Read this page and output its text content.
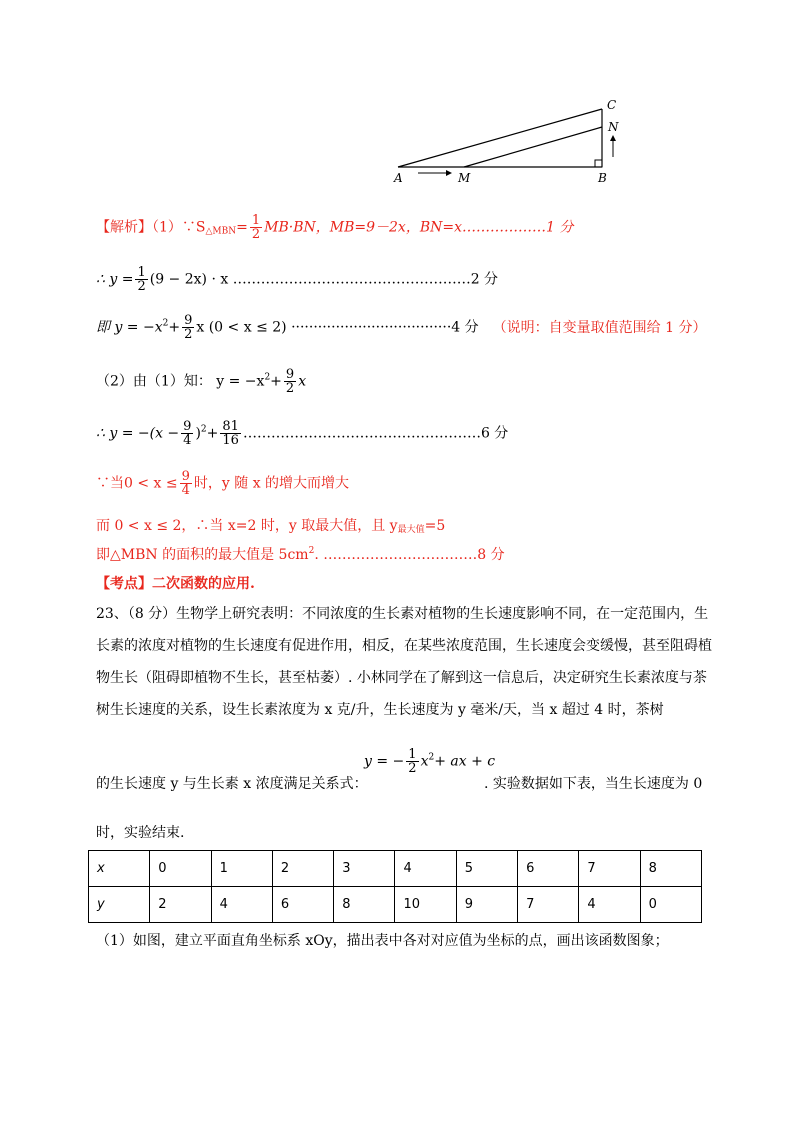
A	M	B
C
N
【解析】$(1)\because S_{\triangle MBN}= \frac{1}{2} MB\cdot BN$，MB=9－2x，BN=x………………1 分
∴ $y = \frac{1}{2} (9 - 2x) \cdot x$ ……………………………………………2 分
即 $y = -x^2+ \frac{9}{2}$ x (0 < x ≤ 2) ····································4 分 （说明：自变量取值范围给 1 分）
（2）由（1）知： $y = -x^2+ \frac{9}{2}$ x
∴ $y = -(x - \frac{9}{4} )^2+ \frac{81}{16}$ ……………………………………………6 分
∵当$0 < x \le \frac{9}{4}$ 时，y 随 x 的增大而增大
而 0 < x ≤ 2，∴当 x=2 时，y 取最大值，且 $y_{最大值}=5$
即△MBN 的面积的最大值是 $5cm^2$. ……………………………8 分
【考点】二次函数的应用.
23、（8 分）生物学上研究表明：不同浓度的生长素对植物的生长速度影响不同，在一定范围内，生长素的浓度对植物的生长速度有促进作用，相反，在某些浓度范围，生长速度会变缓慢，甚至阻碍植物生长（阻碍即植物不生长，甚至枯萎）. 小林同学在了解到这一信息后，决定研究生长素浓度与茶树生长速度的关系，设生长素浓度为 x 克/升，生长速度为 y 毫米/天，当 x 超过 4 时，茶树
y = − $\frac{1}{2} x^2+$ ax + c
的生长速度 y 与生长素 x 浓度满足关系式：	. 实验数据如下表，当生长速度为 0
时，实验结束.
x	0	1	2	3	4	5	6	7	8
y	2	4	6	8	10	9	7	4	0
（1）如图，建立平面直角坐标系 xOy，描出表中各对对应值为坐标的点，画出该函数图象；
